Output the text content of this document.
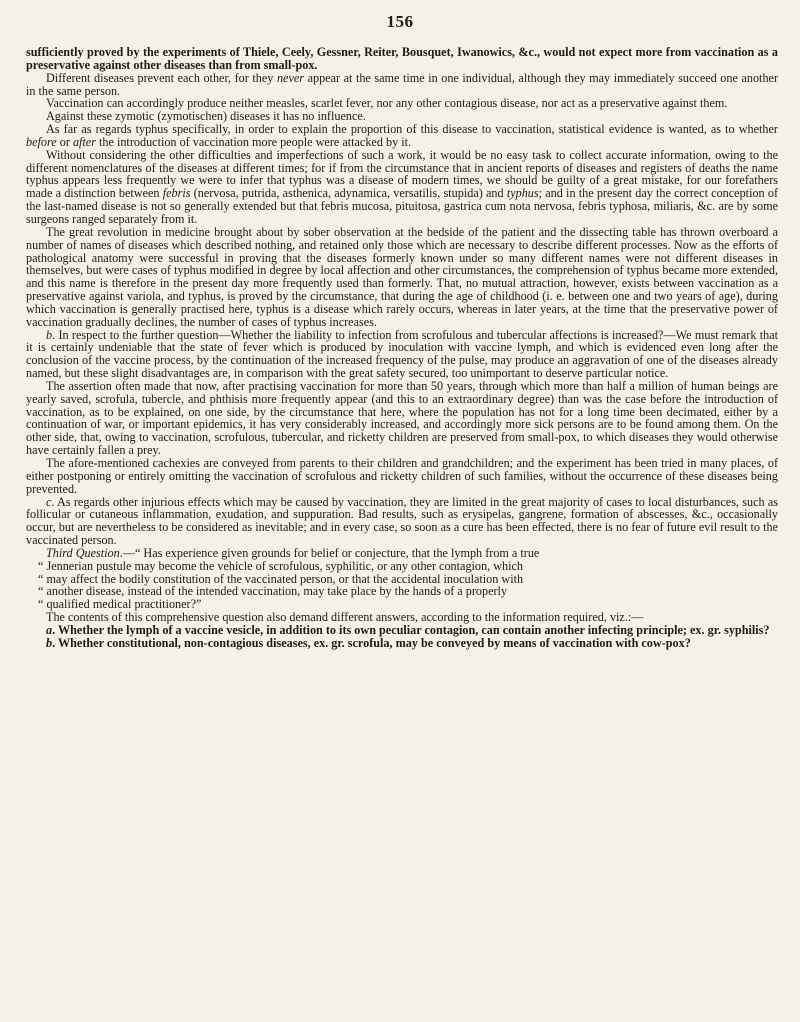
156

sufficiently proved by the experiments of Thiele, Ceely, Gessner, Reiter, Bousquet, Iwanowics, &c., would not expect more from vaccination as a preservative against other diseases than from small-pox.

Different diseases prevent each other, for they never appear at the same time in one individual, although they may immediately succeed one another in the same person.

Vaccination can accordingly produce neither measles, scarlet fever, nor any other contagious disease, nor act as a preservative against them.

Against these zymotic (zymotischen) diseases it has no influence.

As far as regards typhus specifically, in order to explain the proportion of this disease to vaccination, statistical evidence is wanted, as to whether before or after the introduction of vaccination more people were attacked by it.

Without considering the other difficulties and imperfections of such a work, it would be no easy task to collect accurate information, owing to the different nomenclatures of the diseases at different times; for if from the circumstance that in ancient reports of diseases and registers of deaths the name typhus appears less frequently we were to infer that typhus was a disease of modern times, we should be guilty of a great mistake, for our forefathers made a distinction between febris (nervosa, putrida, asthenica, adynamica, versatilis, stupida) and typhus; and in the present day the correct conception of the last-named disease is not so generally extended but that febris mucosa, pituitosa, gastrica cum nota nervosa, febris typhosa, miliaris, &c. are by some surgeons ranged separately from it.

The great revolution in medicine brought about by sober observation at the bedside of the patient and the dissecting table has thrown overboard a number of names of diseases which described nothing, and retained only those which are necessary to describe different processes. Now as the efforts of pathological anatomy were successful in proving that the diseases formerly known under so many different names were not different diseases in themselves, but were cases of typhus modified in degree by local affection and other circumstances, the comprehension of typhus became more extended, and this name is therefore in the present day more frequently used than formerly. That, no mutual attraction, however, exists between vaccination as a preservative against variola, and typhus, is proved by the circumstance, that during the age of childhood (i. e. between one and two years of age), during which vaccination is generally practised here, typhus is a disease which rarely occurs, whereas in later years, at the time that the preservative power of vaccination gradually declines, the number of cases of typhus increases.

b. In respect to the further question—Whether the liability to infection from scrofulous and tubercular affections is increased?—We must remark that it is certainly undeniable that the state of fever which is produced by inoculation with vaccine lymph, and which is evidenced even long after the conclusion of the vaccine process, by the continuation of the increased frequency of the pulse, may produce an aggravation of one of the diseases already named, but these slight disadvantages are, in comparison with the great safety secured, too unimportant to deserve particular notice.

The assertion often made that now, after practising vaccination for more than 50 years, through which more than half a million of human beings are yearly saved, scrofula, tubercle, and phthisis more frequently appear (and this to an extraordinary degree) than was the case before the introduction of vaccination, as to be explained, on one side, by the circumstance that here, where the population has not for a long time been decimated, either by a continuation of war, or important epidemics, it has very considerably increased, and accordingly more sick persons are to be found among them. On the other side, that, owing to vaccination, scrofulous, tubercular, and ricketty children are preserved from small-pox, to which diseases they would otherwise have certainly fallen a prey.

The afore-mentioned cachexies are conveyed from parents to their children and grandchildren; and the experiment has been tried in many places, of either postponing or entirely omitting the vaccination of scrofulous and ricketty children of such families, without the occurrence of these diseases being prevented.

c. As regards other injurious effects which may be caused by vaccination, they are limited in the great majority of cases to local disturbances, such as follicular or cutaneous inflammation, exudation, and suppuration. Bad results, such as erysipelas, gangrene, formation of abscesses, &c., occasionally occur, but are nevertheless to be considered as inevitable; and in every case, so soon as a cure has been effected, there is no fear of future evil result to the vaccinated person.

Third Question.—“ Has experience given grounds for belief or conjecture, that the lymph from a true

“ Jennerian pustule may become the vehicle of scrofulous, syphilitic, or any other contagion, which

“ may affect the bodily constitution of the vaccinated person, or that the accidental inoculation with

“ another disease, instead of the intended vaccination, may take place by the hands of a properly

“ qualified medical practitioner?”

The contents of this comprehensive question also demand different answers, according to the information required, viz.:—

a. Whether the lymph of a vaccine vesicle, in addition to its own peculiar contagion, can contain another infecting principle; ex. gr. syphilis?

b. Whether constitutional, non-contagious diseases, ex. gr. scrofula, may be conveyed by means of vaccination with cow-pox?
